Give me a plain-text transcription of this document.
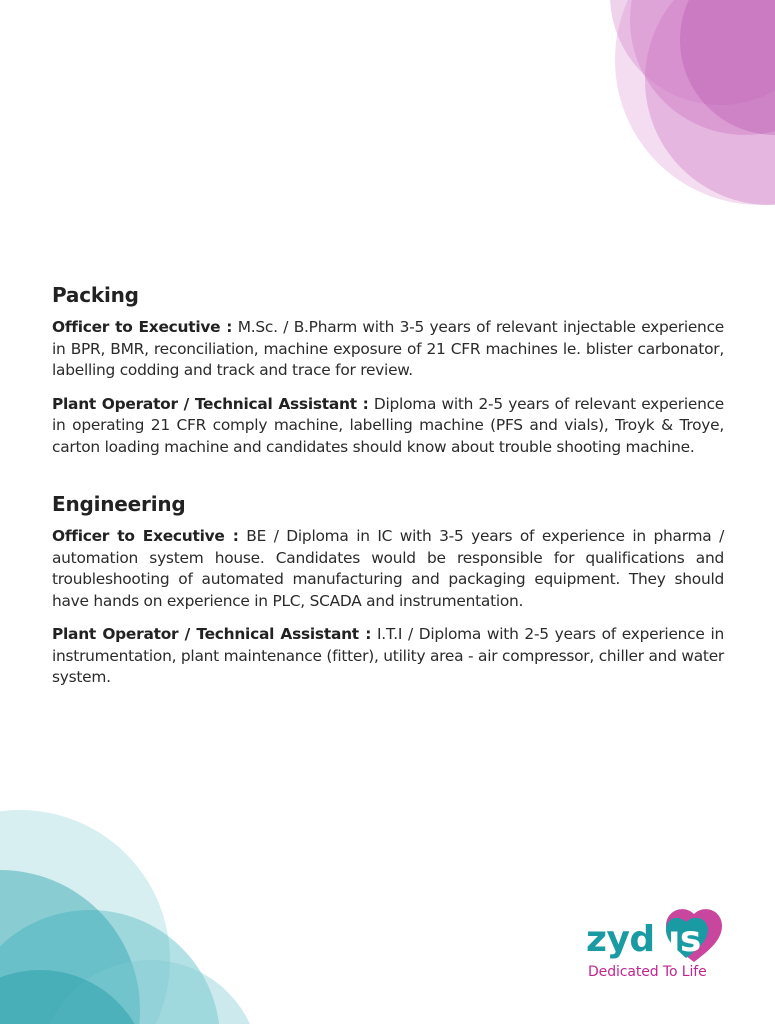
Packing

Officer to Executive : M.Sc. / B.Pharm with 3-5 years of relevant injectable experience in BPR, BMR, reconciliation, machine exposure of 21 CFR machines le. blister carbonator, labelling codding and track and trace for review.

Plant Operator / Technical Assistant : Diploma with 2-5 years of relevant experience in operating 21 CFR comply machine, labelling machine (PFS and vials), Troyk & Troye, carton loading machine and candidates should know about trouble shooting machine.

Engineering

Officer to Executive : BE / Diploma in IC with 3-5 years of experience in pharma / automation system house. Candidates would be responsible for qualifications and troubleshooting of automated manufacturing and packaging equipment. They should have hands on experience in PLC, SCADA and instrumentation.

Plant Operator / Technical Assistant : I.T.I / Diploma with 2-5 years of experience in instrumentation, plant maintenance (fitter), utility area - air compressor, chiller and water system.

zydus
Dedicated To Life
